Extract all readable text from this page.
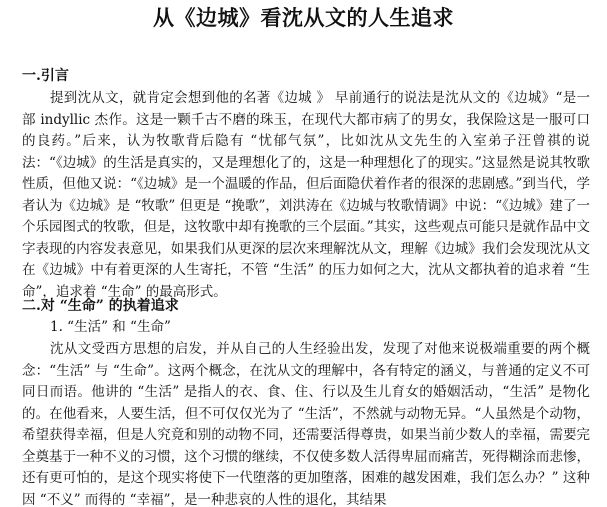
从《边城》看沈从文的人生追求
一.引言

提到沈从文，就肯定会想到他的名著《边城 》 早前通行的说法是沈从文的《边城》“是一部 indyllic 杰作。这是一颗千古不磨的珠玉，在现代大都市病了的男女，我保险这是一服可口的良药。”后来，认为牧歌背后隐有 “忧郁气氛”，比如沈从文先生的入室弟子汪曾祺的说法：“《边城》的生活是真实的，又是理想化了的，这是一种理想化了的现实。”这显然是说其牧歌性质，但他又说：“《边城》是一个温暖的作品，但后面隐伏着作者的很深的悲剧感。”到当代，学者认为《边城》是 “牧歌” 但更是 “挽歌”，刘洪涛在《边城与牧歌情调》中说：“《边城》建了一个乐园图式的牧歌，但是，这牧歌中却有挽歌的三个层面。”其实，这些观点可能只是就作品中文字表现的内容发表意见，如果我们从更深的层次来理解沈从文，理解《边城》我们会发现沈从文在《边城》中有着更深的人生寄托，不管 “生活” 的压力如何之大，沈从文都执着的追求着 “生命”，追求着 “生命” 的最高形式。

二.对 “生命” 的执着追求
1. “生活” 和 “生命”

沈从文受西方思想的启发，并从自己的人生经验出发，发现了对他来说极端重要的两个概念：“生活” 与 “生命”。这两个概念，在沈从文的理解中，各有特定的涵义，与普通的定义不可同日而语。他讲的 “生活” 是指人的衣、食、住、行以及生儿育女的婚姻活动，“生活” 是物化的。在他看来，人要生活，但不可仅仅光为了 “生活”，不然就与动物无异。“人虽然是个动物，希望获得幸福，但是人究竟和别的动物不同，还需要活得尊贵，如果当前少数人的幸福，需要完全奠基于一种不义的习惯，这个习惯的继续，不仅使多数人活得卑屈而痛苦，死得糊涂而悲惨，还有更可怕的，是这个现实将使下一代堕落的更加堕落，困难的越发困难，我们怎么办？” 这种因 “不义” 而得的 “幸福”，是一种悲哀的人性的退化，其结果
